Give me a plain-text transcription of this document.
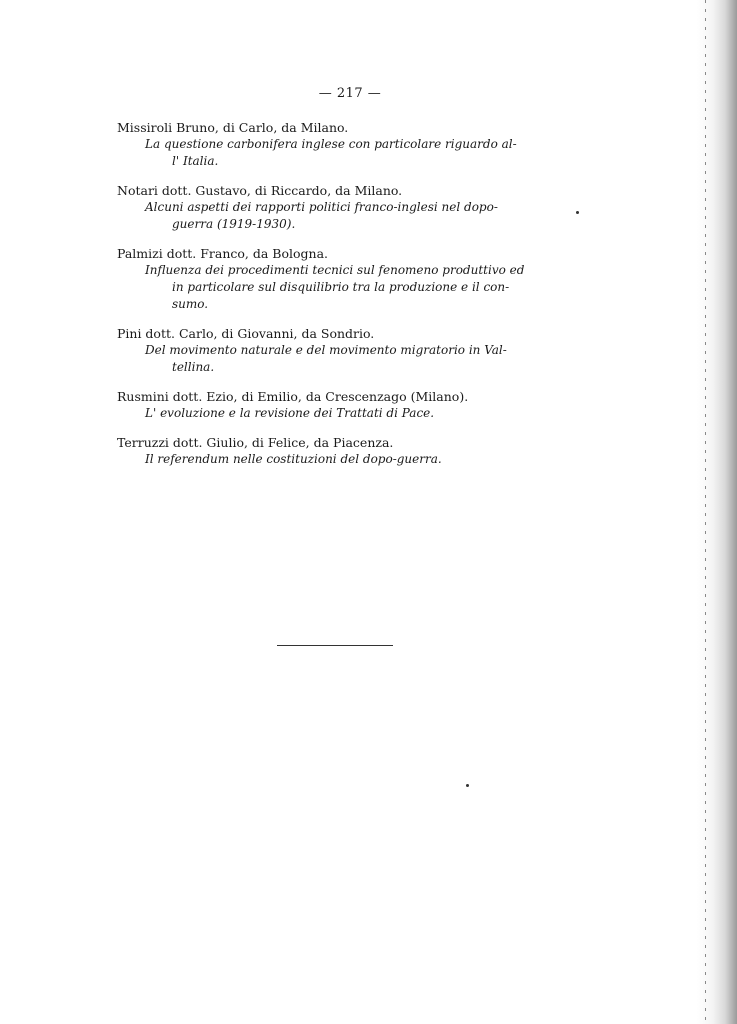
— 217 —
Missiroli Bruno, di Carlo, da Milano.
La questione carbonifera inglese con particolare riguardo al-
l' Italia.
Notari dott. Gustavo, di Riccardo, da Milano.
Alcuni aspetti dei rapporti politici franco-inglesi nel dopo-
guerra (1919-1930).
Palmizi dott. Franco, da Bologna.
Influenza dei procedimenti tecnici sul fenomeno produttivo ed
in particolare sul disquilibrio tra la produzione e il con-
sumo.
Pini dott. Carlo, di Giovanni, da Sondrio.
Del movimento naturale e del movimento migratorio in Val-
tellina.
Rusmini dott. Ezio, di Emilio, da Crescenzago (Milano).
L' evoluzione e la revisione dei Trattati di Pace.
Terruzzi dott. Giulio, di Felice, da Piacenza.
Il referendum nelle costituzioni del dopo-guerra.
